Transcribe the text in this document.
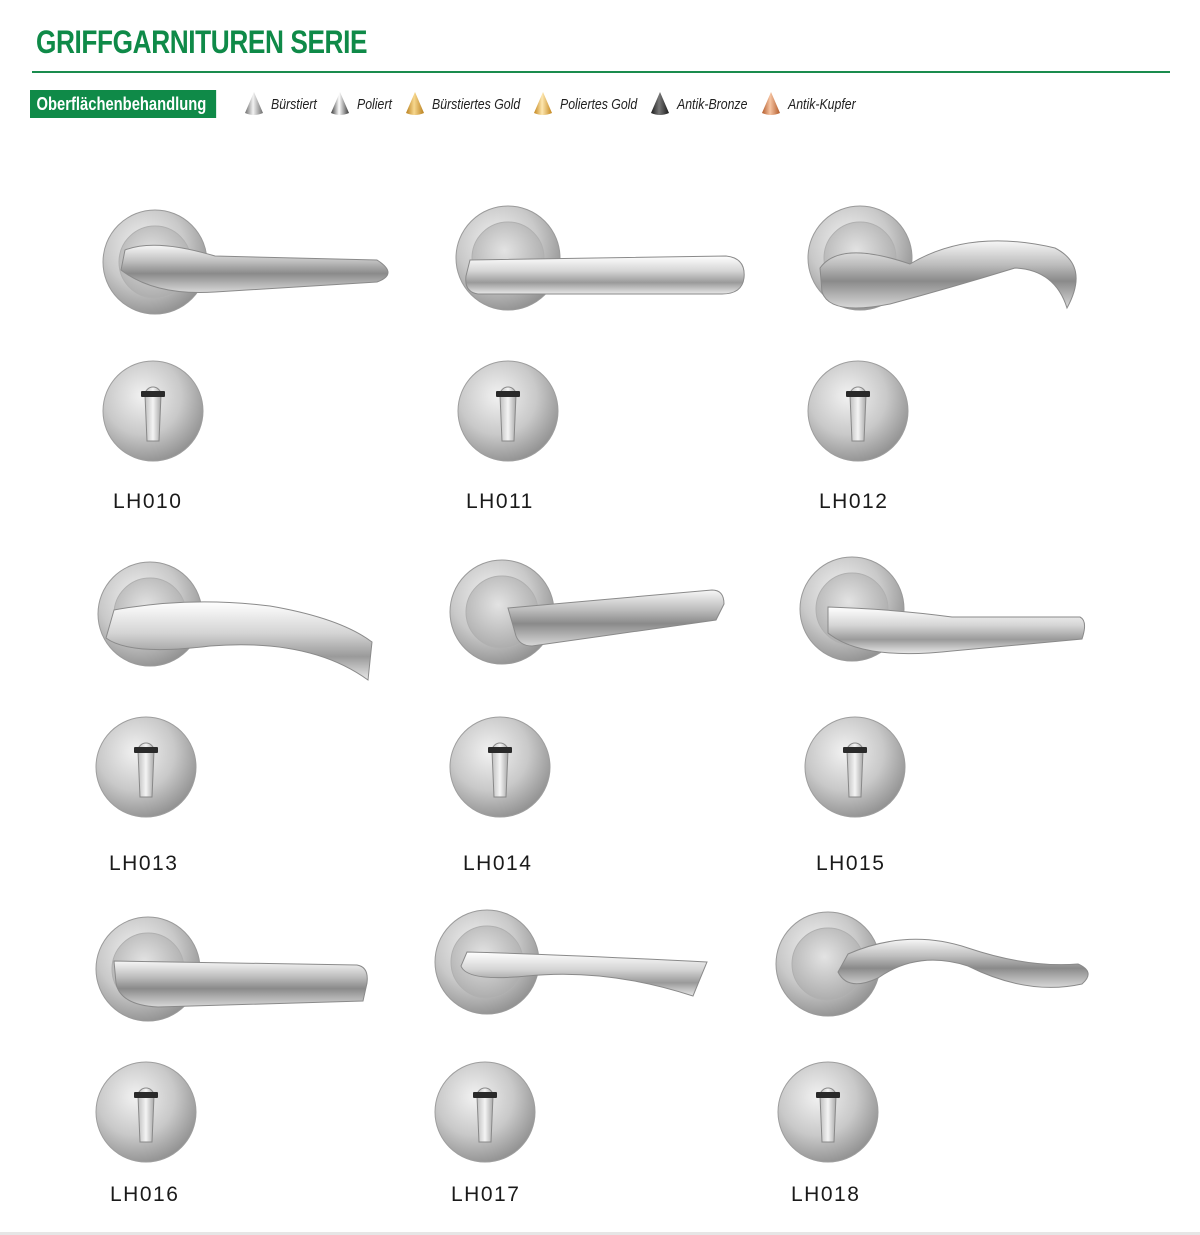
GRIFFGARNITUREN SERIE
Oberflächenbehandlung	Bürstiert	Poliert	Bürstiertes Gold	Poliertes Gold	Antik-Bronze	Antik-Kupfer

LH010	LH011	LH012

LH013	LH014	LH015

LH016	LH017	LH018
